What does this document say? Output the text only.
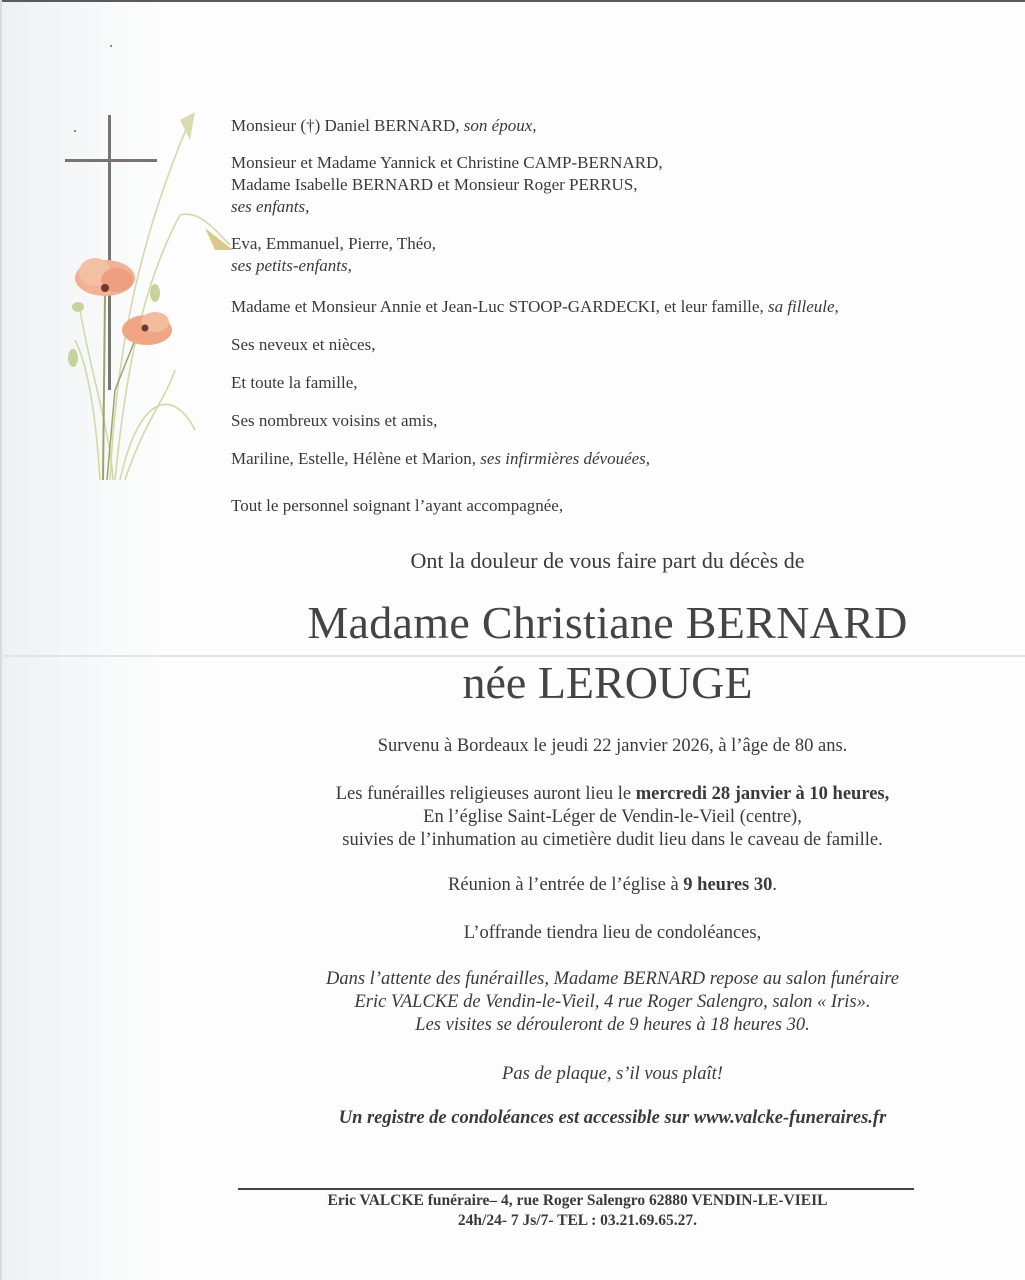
Monsieur (†) Daniel BERNARD, son époux,

Monsieur et Madame Yannick et Christine CAMP-BERNARD,

Madame Isabelle BERNARD et Monsieur Roger PERRUS,

ses enfants,

Eva, Emmanuel, Pierre, Théo,

ses petits-enfants,

Madame et Monsieur Annie et Jean-Luc STOOP-GARDECKI, et leur famille, sa filleule,

Ses neveux et nièces,

Et toute la famille,

Ses nombreux voisins et amis,

Mariline, Estelle, Hélène et Marion, ses infirmières dévouées,

Tout le personnel soignant l’ayant accompagnée,

Ont la douleur de vous faire part du décès de
Madame Christiane BERNARD
née LEROUGE
Survenu à Bordeaux le jeudi 22 janvier 2026, à l’âge de 80 ans.
Les funérailles religieuses auront lieu le mercredi 28 janvier à 10 heures,
En l’église Saint-Léger de Vendin-le-Vieil (centre),
suivies de l’inhumation au cimetière dudit lieu dans le caveau de famille.
Réunion à l’entrée de l’église à 9 heures 30.
L’offrande tiendra lieu de condoléances,
Dans l’attente des funérailles, Madame BERNARD repose au salon funéraire
Eric VALCKE de Vendin-le-Vieil, 4 rue Roger Salengro, salon « Iris».
Les visites se dérouleront de 9 heures à 18 heures 30.
Pas de plaque, s’il vous plaît!
Un registre de condoléances est accessible sur www.valcke-funeraires.fr
Eric VALCKE funéraire– 4, rue Roger Salengro 62880 VENDIN-LE-VIEIL
24h/24- 7 Js/7- TEL : 03.21.69.65.27.
